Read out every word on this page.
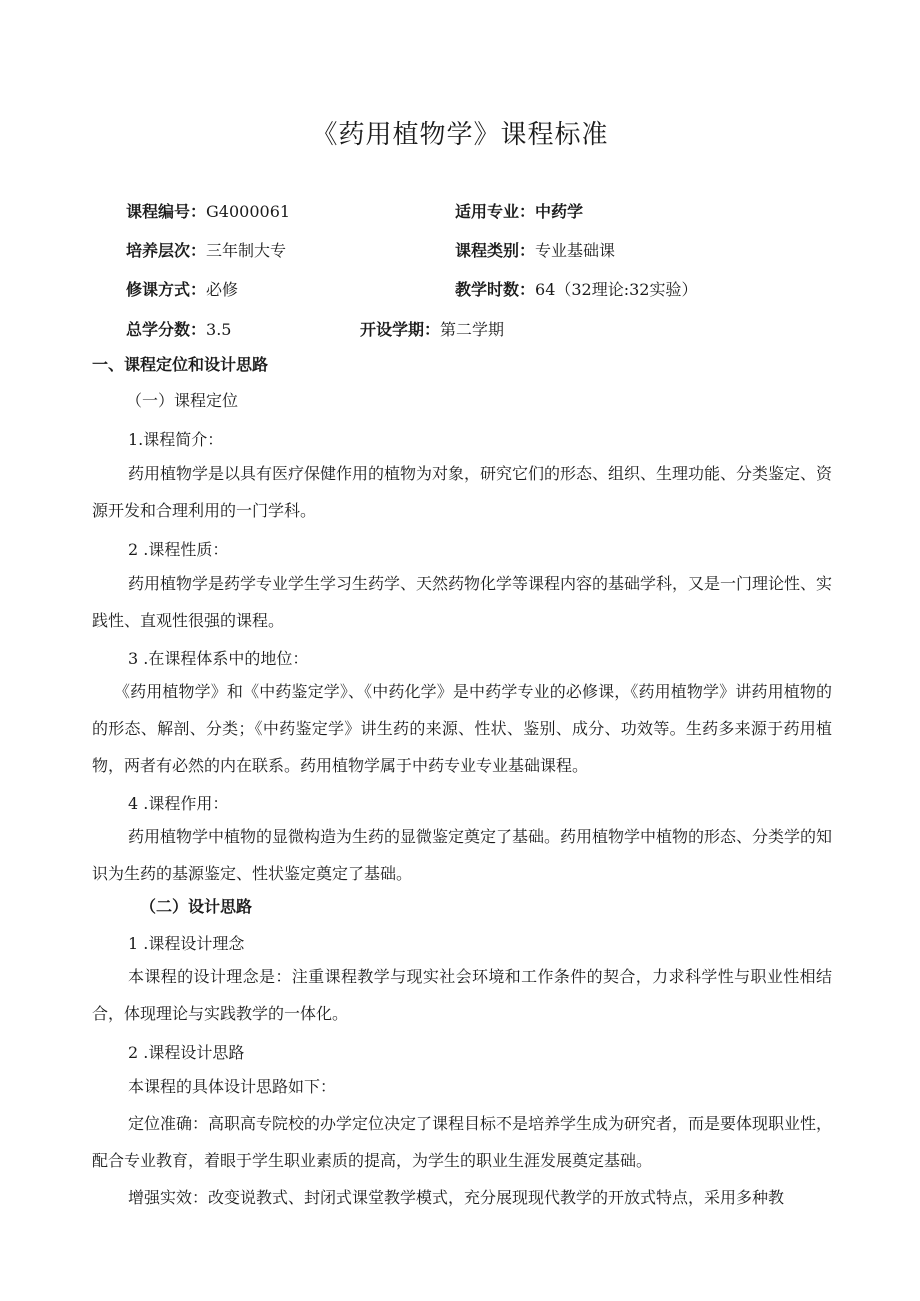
《药用植物学》课程标准
课程编号：G4000061	适用专业：中药学
培养层次：三年制大专	课程类别：专业基础课
修课方式：必修	教学时数：64（32理论:32实验）
总学分数：3.5	开设学期：第二学期
一、课程定位和设计思路
（一）课程定位
1.课程简介：
药用植物学是以具有医疗保健作用的植物为对象，研究它们的形态、组织、生理功能、分类鉴定、资源开发和合理利用的一门学科。
2 .课程性质：
药用植物学是药学专业学生学习生药学、天然药物化学等课程内容的基础学科，又是一门理论性、实践性、直观性很强的课程。
3 .在课程体系中的地位：
《药用植物学》和《中药鉴定学》、《中药化学》是中药学专业的必修课，《药用植物学》讲药用植物的的形态、解剖、分类；《中药鉴定学》讲生药的来源、性状、鉴别、成分、功效等。生药多来源于药用植物，两者有必然的内在联系。药用植物学属于中药专业专业基础课程。
4 .课程作用：
药用植物学中植物的显微构造为生药的显微鉴定奠定了基础。药用植物学中植物的形态、分类学的知识为生药的基源鉴定、性状鉴定奠定了基础。
（二）设计思路
1 .课程设计理念
本课程的设计理念是：注重课程教学与现实社会环境和工作条件的契合，力求科学性与职业性相结合，体现理论与实践教学的一体化。
2 .课程设计思路
本课程的具体设计思路如下：
定位准确：高职高专院校的办学定位决定了课程目标不是培养学生成为研究者，而是要体现职业性，配合专业教育，着眼于学生职业素质的提高，为学生的职业生涯发展奠定基础。
增强实效：改变说教式、封闭式课堂教学模式，充分展现现代教学的开放式特点，采用多种教
